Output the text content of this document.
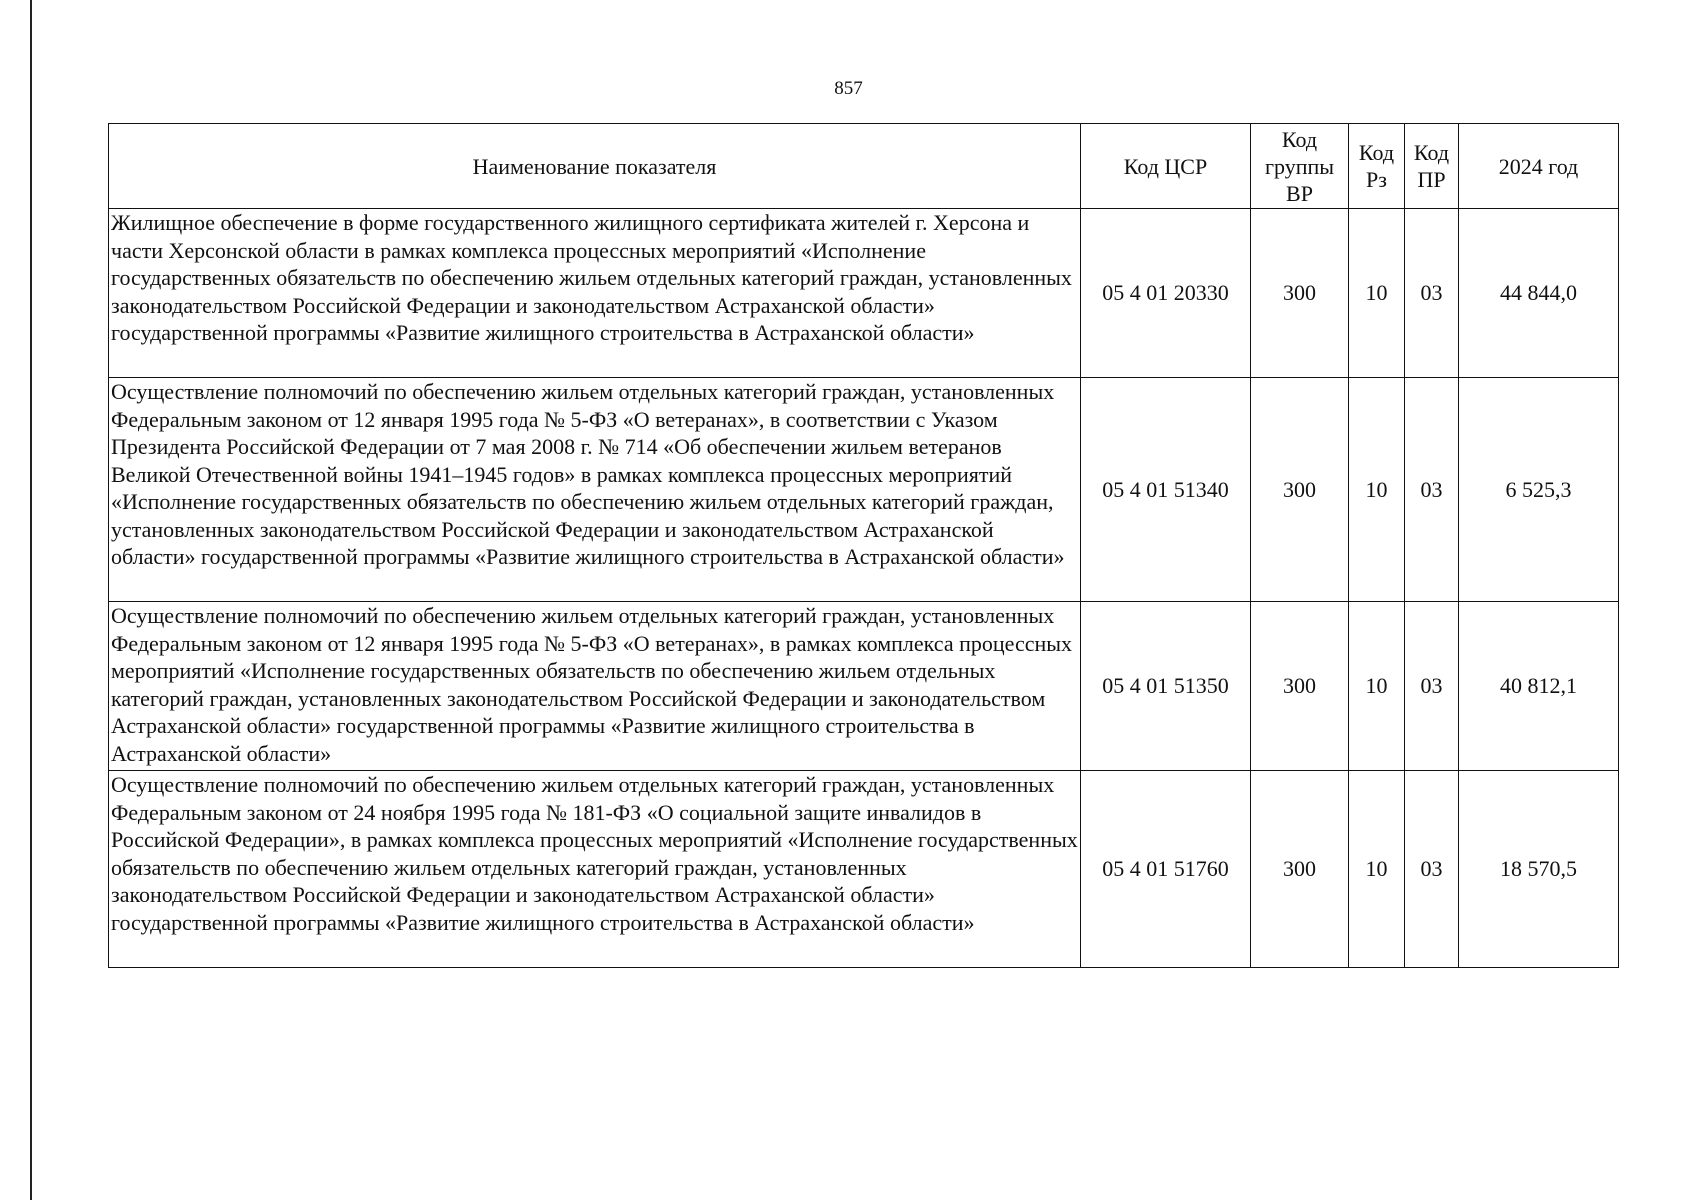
857
Наименование показателя	Код ЦСР	Код группы ВР	Код Рз	Код ПР	2024 год
Жилищное обеспечение в форме государственного жилищного сертификата жителей г. Херсона и части Херсонской области в рамках комплекса процессных мероприятий «Исполнение государственных обязательств по обеспечению жильем отдельных категорий граждан, установленных законодательством Российской Федерации и законодательством Астраханской области» государственной программы «Развитие жилищного строительства в Астраханской области»	05 4 01 20330	300	10	03	44 844,0
Осуществление полномочий по обеспечению жильем отдельных категорий граждан, установленных Федеральным законом от 12 января 1995 года № 5-ФЗ «О ветеранах», в соответствии с Указом Президента Российской Федерации от 7 мая 2008 г. № 714 «Об обеспечении жильем ветеранов Великой Отечественной войны 1941–1945 годов» в рамках комплекса процессных мероприятий «Исполнение государственных обязательств по обеспечению жильем отдельных категорий граждан, установленных законодательством Российской Федерации и законодательством Астраханской области» государственной программы «Развитие жилищного строительства в Астраханской области»	05 4 01 51340	300	10	03	6 525,3
Осуществление полномочий по обеспечению жильем отдельных категорий граждан, установленных Федеральным законом от 12 января 1995 года № 5-ФЗ «О ветеранах», в рамках комплекса процессных мероприятий «Исполнение государственных обязательств по обеспечению жильем отдельных категорий граждан, установленных законодательством Российской Федерации и законодательством Астраханской области» государственной программы «Развитие жилищного строительства в Астраханской области»	05 4 01 51350	300	10	03	40 812,1
Осуществление полномочий по обеспечению жильем отдельных категорий граждан, установленных Федеральным законом от 24 ноября 1995 года № 181-ФЗ «О социальной защите инвалидов в Российской Федерации», в рамках комплекса процессных мероприятий «Исполнение государственных обязательств по обеспечению жильем отдельных категорий граждан, установленных законодательством Российской Федерации и законодательством Астраханской области» государственной программы «Развитие жилищного строительства в Астраханской области»	05 4 01 51760	300	10	03	18 570,5
